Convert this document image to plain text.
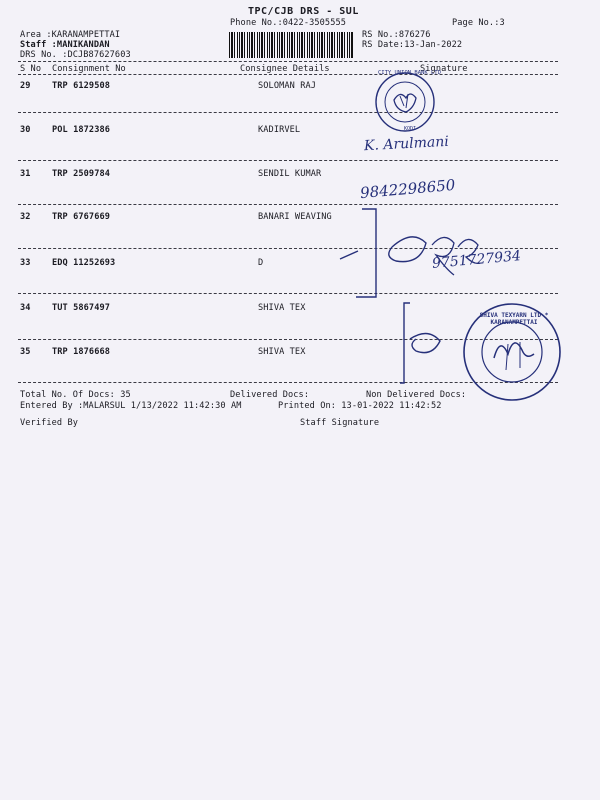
TPC/CJB DRS - SUL
Phone No.:0422-3505555	Page No.:3
Area :KARANAMPETTAI
Staff :MANIKANDAN
DRS No. :DCJB87627603
RS No.:876276
RS Date:13-Jan-2022
S No Consignment No	Consignee Details	Signature
29 TRP 6129508	SOLOMAN RAJ
30 POL 1872386	KADIRVEL
31 TRP 2509784	SENDIL KUMAR
32 TRP 6767669	BANARI WEAVING
33 EDQ 11252693	D
34 TUT 5867497	SHIVA TEX
35 TRP 1876668	SHIVA TEX
Total No. Of Docs: 35	Delivered Docs:	Non Delivered Docs:
Entered By :MALARSUL 1/13/2022 11:42:30 AM	Printed On: 13-01-2022 11:42:52
Verified By	Staff Signature
CITY UNION BANK LTD
KODI
K. Arulmani
9842298650
9751727934
SHIVA TEXYARN LTD * KARANAMPETTAI
